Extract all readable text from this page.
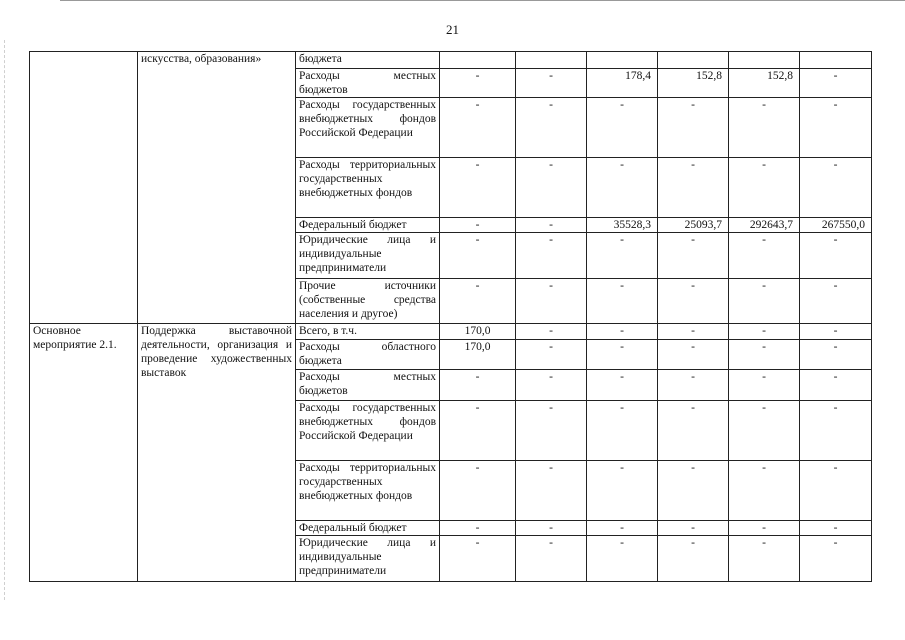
21
	искусства, образования»	бюджета						
		Расходы местных бюджетов	-	-	178,4	152,8	152,8	-
		Расходы государственных внебюджетных фондов Российской Федерации	-	-	-	-	-	-
		Расходы территориальных государственных внебюджетных фондов	-	-	-	-	-	-
		Федеральный бюджет	-	-	35528,3	25093,7	292643,7	267550,0
		Юридические лица и индивидуальные предприниматели	-	-	-	-	-	-
		Прочие источники (собственные средства населения и другое)	-	-	-	-	-	-
Основное мероприятие 2.1.	Поддержка выставочной деятельности, организация и проведение художественных выставок	Всего, в т.ч.	170,0	-	-	-	-	-
		Расходы областного бюджета	170,0	-	-	-	-	-
		Расходы местных бюджетов	-	-	-	-	-	-
		Расходы государственных внебюджетных фондов Российской Федерации	-	-	-	-	-	-
		Расходы территориальных государственных внебюджетных фондов	-	-	-	-	-	-
		Федеральный бюджет	-	-	-	-	-	-
		Юридические лица и индивидуальные предприниматели	-	-	-	-	-	-
